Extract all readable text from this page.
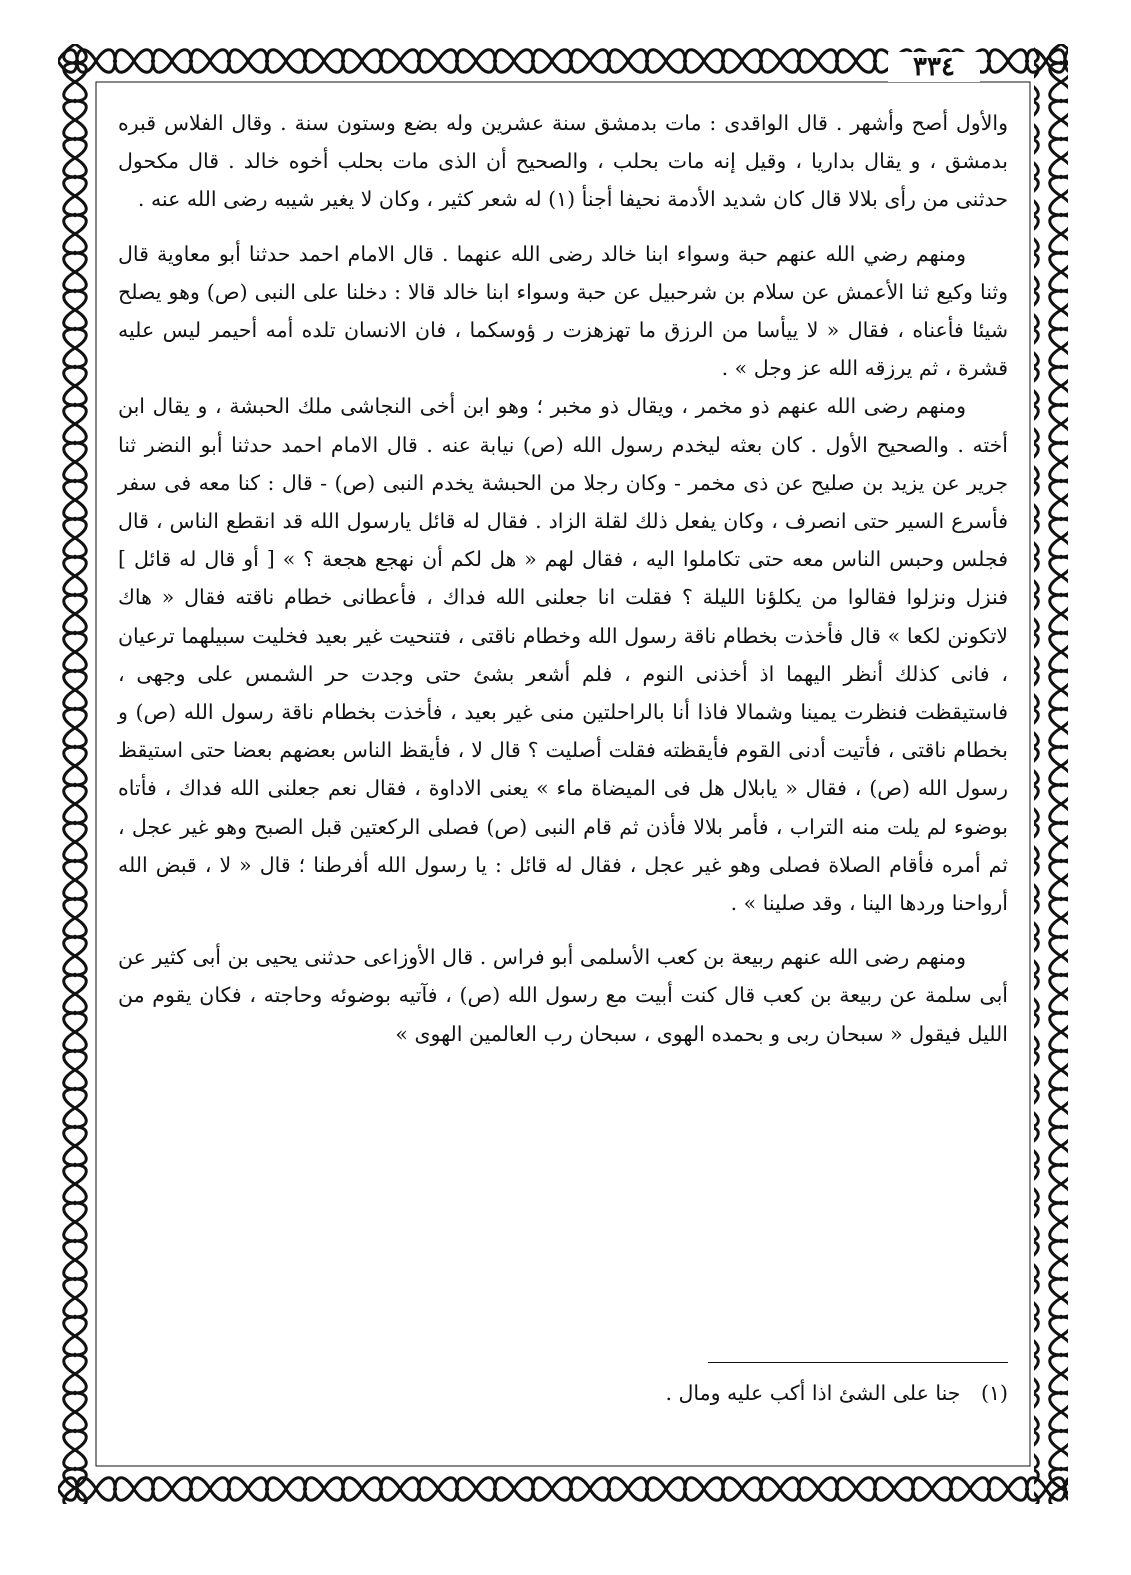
٣٣٤

والأول أصح وأشهر . قال الواقدى : مات بدمشق سنة عشرين وله بضع وستون سنة . وقال الفلاس قبره بدمشق ، و يقال بداريا ، وقيل إنه مات بحلب ، والصحيح أن الذى مات بحلب أخوه خالد . قال مكحول حدثنى من رأى بلالا قال كان شديد الأدمة نحيفا أجنأ (١) له شعر كثير ، وكان لا يغير شيبه رضى الله عنه .

ومنهم رضي الله عنهم حبة وسواء ابنا خالد رضى الله عنهما . قال الامام احمد حدثنا أبو معاوية قال وثنا وكيع ثنا الأعمش عن سلام بن شرحبيل عن حبة وسواء ابنا خالد قالا : دخلنا على النبى (ص) وهو يصلح شيئا فأعناه ، فقال « لا ييأسا من الرزق ما تهزهزت ر ؤوسكما ، فان الانسان تلده أمه أحيمر ليس عليه قشرة ، ثم يرزقه الله عز وجل » .

ومنهم رضى الله عنهم ذو مخمر ، ويقال ذو مخبر ؛ وهو ابن أخى النجاشى ملك الحبشة ، و يقال ابن أخته . والصحيح الأول . كان بعثه ليخدم رسول الله (ص) نيابة عنه . قال الامام احمد حدثنا أبو النضر ثنا جرير عن يزيد بن صليح عن ذى مخمر - وكان رجلا من الحبشة يخدم النبى (ص) - قال : كنا معه فى سفر فأسرع السير حتى انصرف ، وكان يفعل ذلك لقلة الزاد . فقال له قائل يارسول الله قد انقطع الناس ، قال فجلس وحبس الناس معه حتى تكاملوا اليه ، فقال لهم « هل لكم أن نهجع هجعة ؟ » [ أو قال له قائل ] فنزل ونزلوا فقالوا من يكلؤنا الليلة ؟ فقلت انا جعلنى الله فداك ، فأعطانى خطام ناقته فقال « هاك لاتكونن لكعا » قال فأخذت بخطام ناقة رسول الله وخطام ناقتى ، فتنحيت غير بعيد فخليت سبيلهما ترعيان ، فانى كذلك أنظر اليهما اذ أخذنى النوم ، فلم أشعر بشئ حتى وجدت حر الشمس على وجهى ، فاستيقظت فنظرت يمينا وشمالا فاذا أنا بالراحلتين منى غير بعيد ، فأخذت بخطام ناقة رسول الله (ص) و بخطام ناقتى ، فأتيت أدنى القوم فأيقظته فقلت أصليت ؟ قال لا ، فأيقظ الناس بعضهم بعضا حتى استيقظ رسول الله (ص) ، فقال « يابلال هل فى الميضاة ماء » يعنى الاداوة ، فقال نعم جعلنى الله فداك ، فأتاه بوضوء لم يلت منه التراب ، فأمر بلالا فأذن ثم قام النبى (ص) فصلى الركعتين قبل الصبح وهو غير عجل ، ثم أمره فأقام الصلاة فصلى وهو غير عجل ، فقال له قائل : يا رسول الله أفرطنا ؛ قال « لا ، قبض الله أرواحنا وردها الينا ، وقد صلينا » .

ومنهم رضى الله عنهم ربيعة بن كعب الأسلمى أبو فراس . قال الأوزاعى حدثنى يحيى بن أبى كثير عن أبى سلمة عن ربيعة بن كعب قال كنت أبيت مع رسول الله (ص) ، فآتيه بوضوئه وحاجته ، فكان يقوم من الليل فيقول « سبحان ربى و بحمده الهوى ، سبحان رب العالمين الهوى »

(١) جنا على الشئ اذا أكب عليه ومال .
